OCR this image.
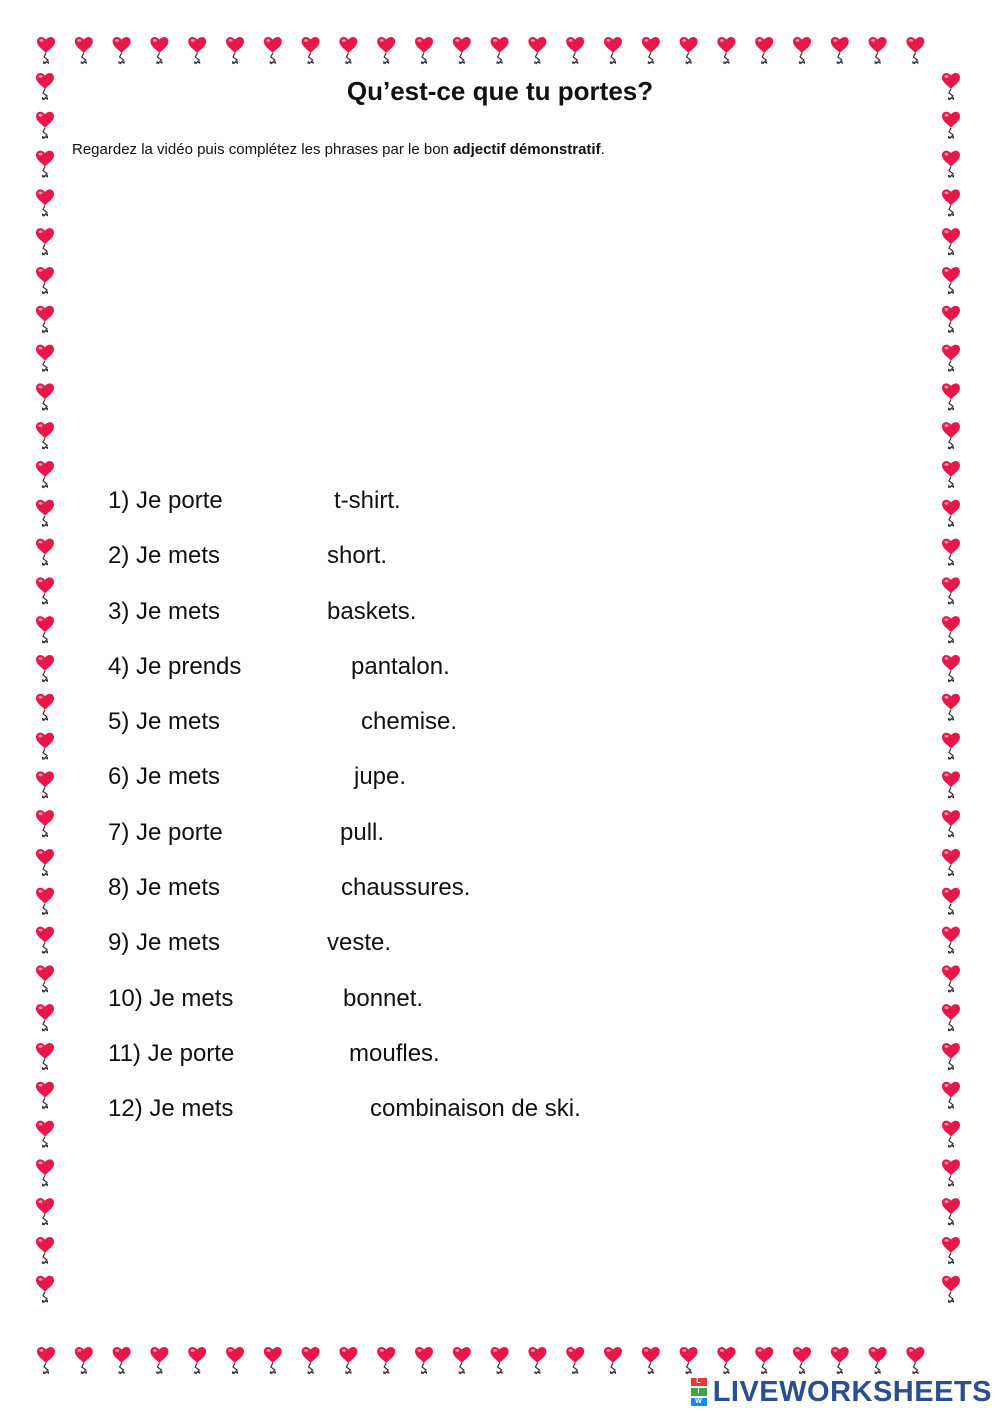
Qu’est-ce que tu portes?

Regardez la vidéo puis complétez les phrases par le bon adjectif démonstratif.

1) Je porte	t-shirt.
2) Je mets	short.
3) Je mets	baskets.
4) Je prends	pantalon.
5) Je mets	chemise.
6) Je mets	jupe.
7) Je porte	pull.
8) Je mets	chaussures.
9) Je mets	veste.
10) Je mets	bonnet.
11) Je porte	moufles.
12) Je mets	combinaison de ski.
L
I
W LIVEWORKSHEETS
